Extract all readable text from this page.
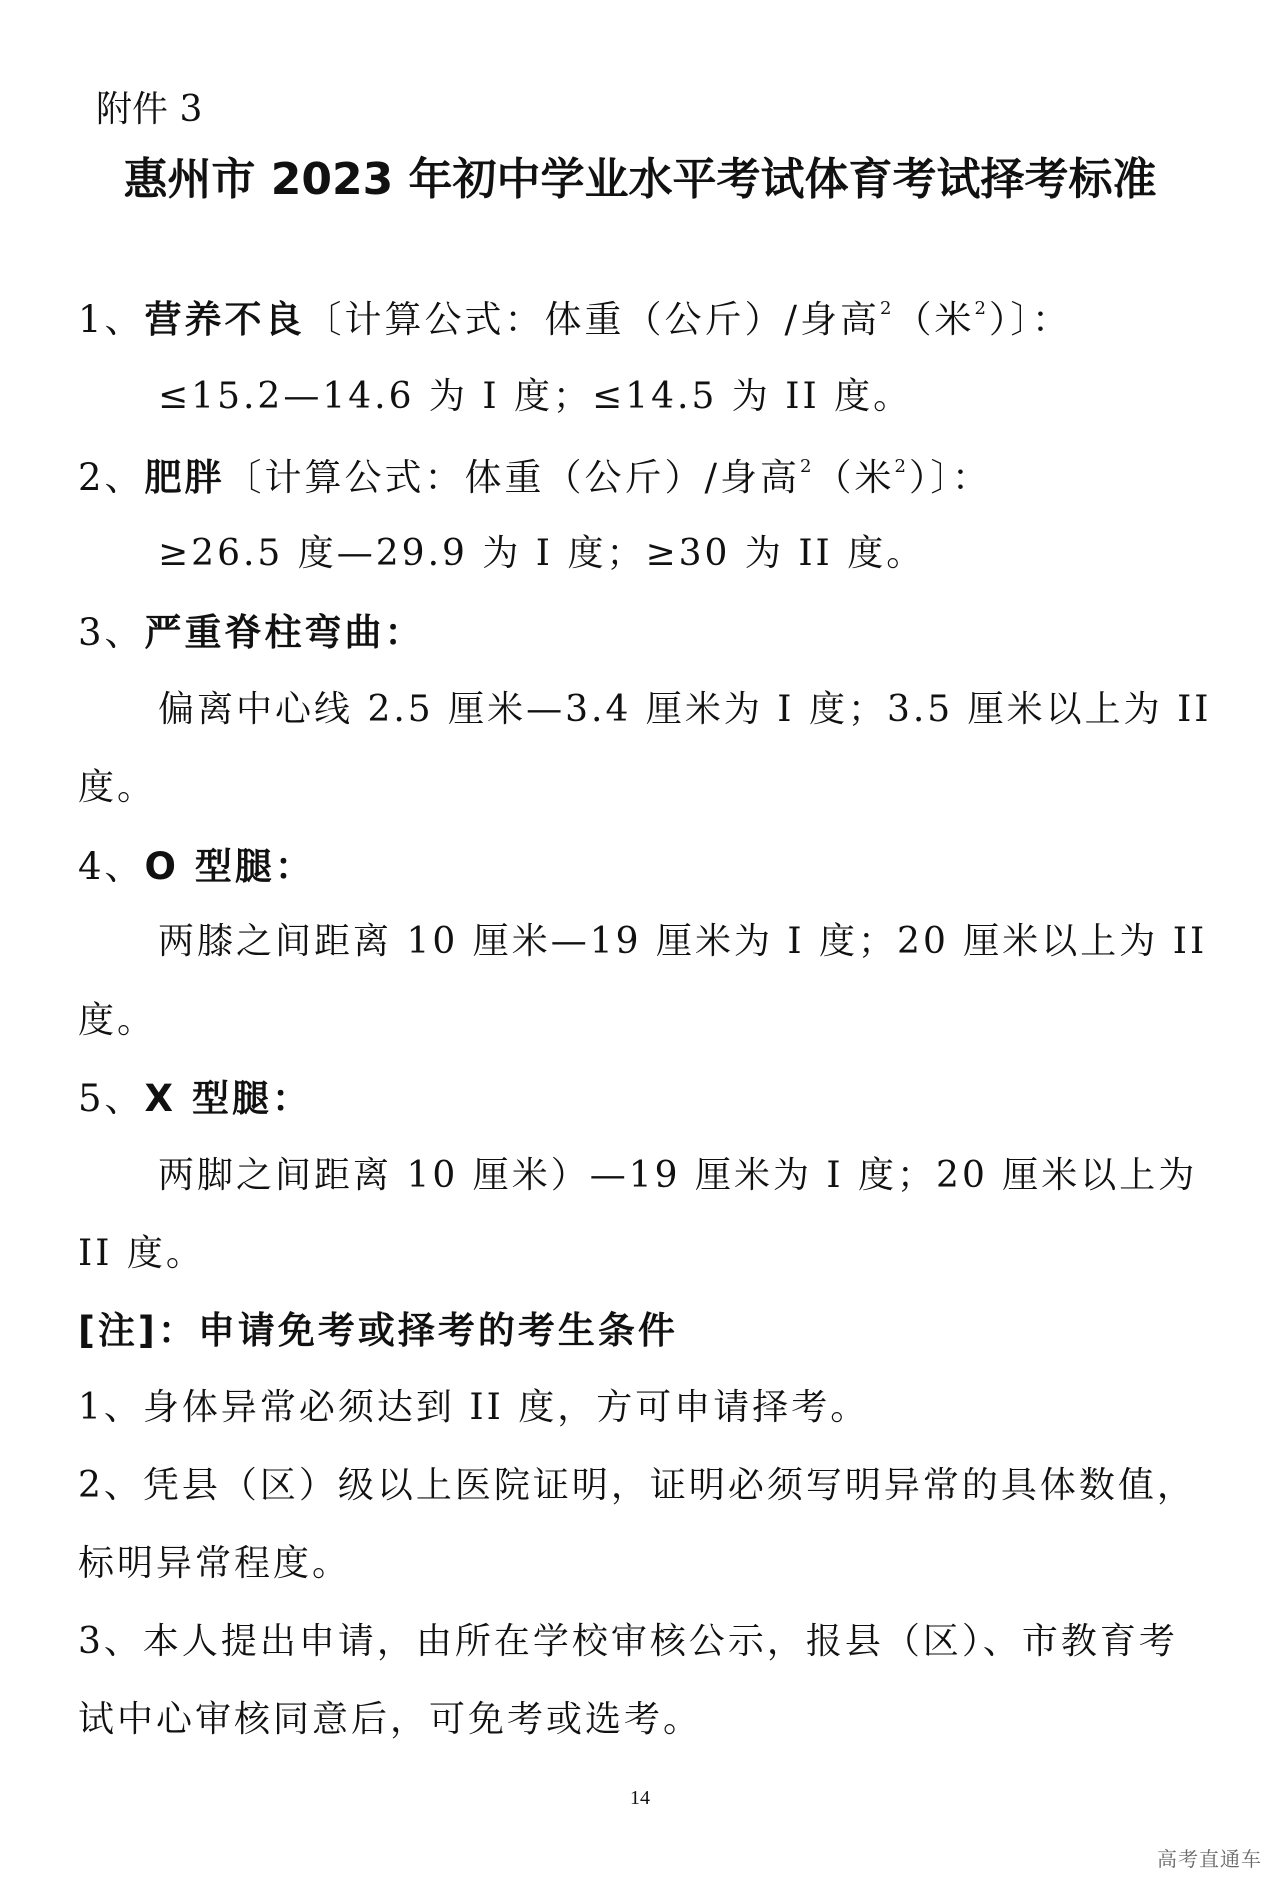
附件 3
惠州市 2023 年初中学业水平考试体育考试择考标准
1、营养不良〔计算公式：体重（公斤）/身高$^2$（米$^2$）〕：
≤15.2—14.6 为 I 度；≤14.5 为 II 度。
2、肥胖〔计算公式：体重（公斤）/身高$^2$（米$^2$）〕：
≥26.5 度—29.9 为 I 度；≥30 为 II 度。
3、严重脊柱弯曲：
偏离中心线 2.5 厘米—3.4 厘米为 I 度；3.5 厘米以上为 II
度。
4、O 型腿：
两膝之间距离 10 厘米—19 厘米为 I 度；20 厘米以上为 II
度。
5、X 型腿：
两脚之间距离 10 厘米）—19 厘米为 I 度；20 厘米以上为
II 度。
[注]：申请免考或择考的考生条件
1、身体异常必须达到 II 度，方可申请择考。
2、凭县（区）级以上医院证明，证明必须写明异常的具体数值，
标明异常程度。
3、本人提出申请，由所在学校审核公示，报县（区）、市教育考
试中心审核同意后，可免考或选考。
14
高考直通车
